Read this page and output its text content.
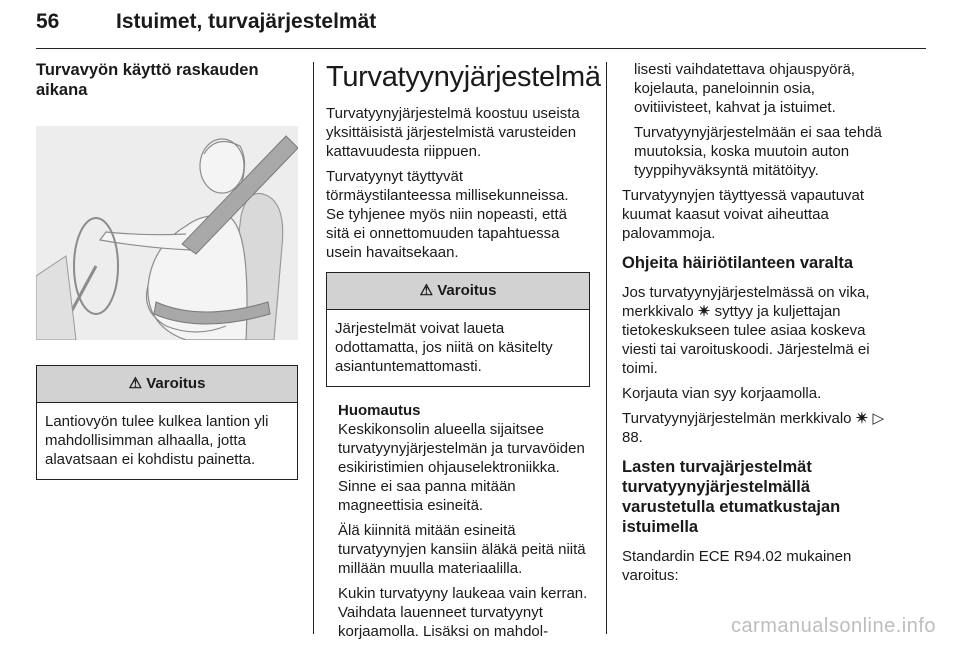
56	Istuimet, turvajärjestelmät
Turvavyön käyttö raskauden aikana
⚠ Varoitus
Lantiovyön tulee kulkea lantion yli mahdollisimman alhaalla, jotta alavatsaan ei kohdistu painetta.
Turvatyynyjärjestelmä

Turvatyynyjärjestelmä koostuu useista yksittäisistä järjestelmistä varusteiden kattavuudesta riippuen.

Turvatyynyt täyttyvät törmäystilanteessa millisekunneissa. Se tyhjenee myös niin nopeasti, että sitä ei onnettomuuden tapahtuessa usein havaitsekaan.

⚠ Varoitus
Järjestelmät voivat laueta odottamatta, jos niitä on käsitelty asiantuntemattomasti.
Huomautus

Keskikonsolin alueella sijaitsee turvatyynyjärjestelmän ja turvavöiden esikiristimien ohjauselektroniikka. Sinne ei saa panna mitään magneettisia esineitä.

Älä kiinnitä mitään esineitä turvatyynyjen kansiin äläkä peitä niitä millään muulla materiaalilla.

Kukin turvatyyny laukeaa vain kerran. Vaihdata lauenneet turvatyynyt korjaamolla. Lisäksi on mahdol-

lisesti vaihdatettava ohjauspyörä, kojelauta, paneloinnin osia, ovitiivisteet, kahvat ja istuimet.

Turvatyynyjärjestelmään ei saa tehdä muutoksia, koska muutoin auton tyyppihyväksyntä mitätöityy.

Turvatyynyjen täyttyessä vapautuvat kuumat kaasut voivat aiheuttaa palovammoja.

Ohjeita häiriötilanteen varalta

Jos turvatyynyjärjestelmässä on vika, merkkivalo ✴ syttyy ja kuljettajan tietokeskukseen tulee asiaa koskeva viesti tai varoituskoodi. Järjestelmä ei toimi.

Korjauta vian syy korjaamolla.

Turvatyynyjärjestelmän merkkivalo ✴ ▷ 88.

Lasten turvajärjestelmät turvatyynyjärjestelmällä varustetulla etumatkustajan istuimella

Standardin ECE R94.02 mukainen varoitus:

carmanualsonline.info
